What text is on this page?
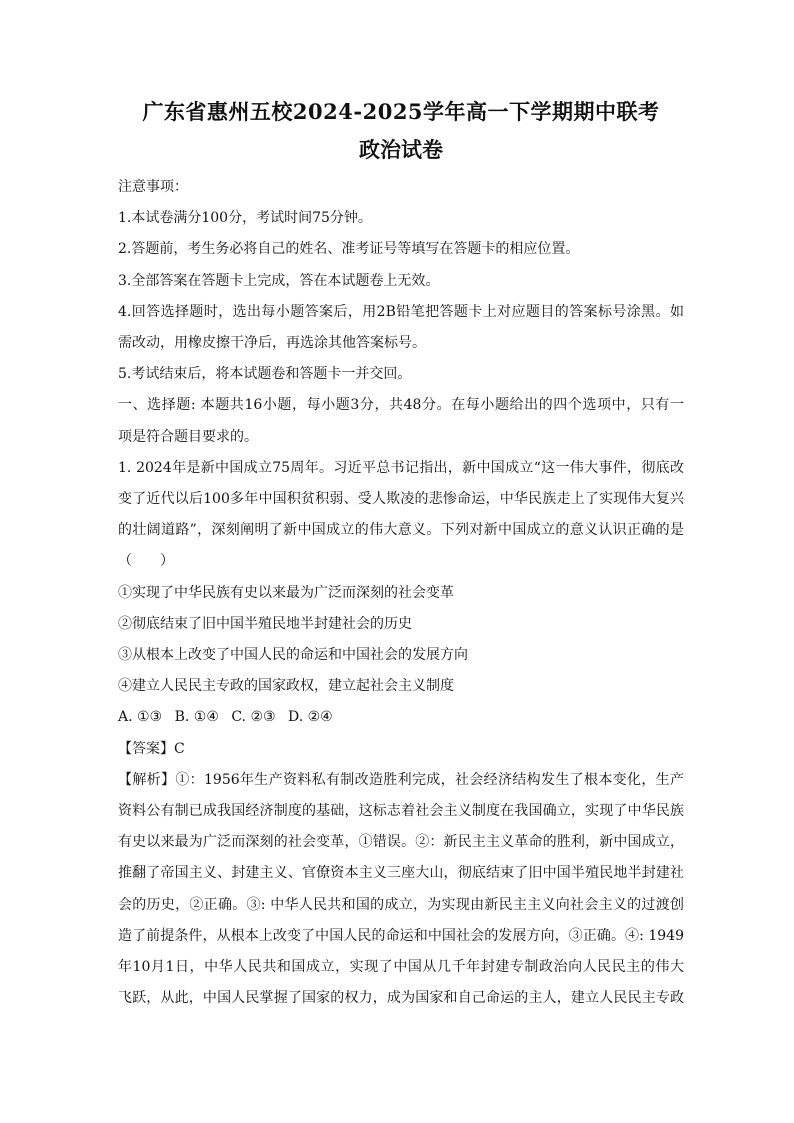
广东省惠州五校2024-2025学年高一下学期期中联考
政治试卷

注意事项：

1.本试卷满分100分，考试时间75分钟。

2.答题前，考生务必将自己的姓名、准考证号等填写在答题卡的相应位置。

3.全部答案在答题卡上完成，答在本试题卷上无效。

4.回答选择题时，选出每小题答案后，用2B铅笔把答题卡上对应题目的答案标号涂黑。如

需改动，用橡皮擦干净后，再选涂其他答案标号。

5.考试结束后，将本试题卷和答题卡一并交回。

一、选择题: 本题共16小题，每小题3分，共48分。在每小题给出的四个选项中，只有一

项是符合题目要求的。

1. 2024年是新中国成立75周年。习近平总书记指出，新中国成立“这一伟大事件，彻底改

变了近代以后100多年中国积贫积弱、受人欺凌的悲惨命运，中华民族走上了实现伟大复兴

的壮阔道路”，深刻阐明了新中国成立的伟大意义。下列对新中国成立的意义认识正确的是

（　　）

①实现了中华民族有史以来最为广泛而深刻的社会变革

②彻底结束了旧中国半殖民地半封建社会的历史

③从根本上改变了中国人民的命运和中国社会的发展方向

④建立人民民主专政的国家政权，建立起社会主义制度

A. ①③ B. ①④ C. ②③ D. ②④

【答案】C

【解析】①：1956年生产资料私有制改造胜利完成，社会经济结构发生了根本变化，生产

资料公有制已成我国经济制度的基础，这标志着社会主义制度在我国确立，实现了中华民族

有史以来最为广泛而深刻的社会变革，①错误。②：新民主主义革命的胜利，新中国成立，

推翻了帝国主义、封建主义、官僚资本主义三座大山，彻底结束了旧中国半殖民地半封建社

会的历史，②正确。③: 中华人民共和国的成立，为实现由新民主主义向社会主义的过渡创

造了前提条件，从根本上改变了中国人民的命运和中国社会的发展方向，③正确。④: 1949

年10月1日，中华人民共和国成立，实现了中国从几千年封建专制政治向人民民主的伟大

飞跃，从此，中国人民掌握了国家的权力，成为国家和自己命运的主人，建立人民民主专政
